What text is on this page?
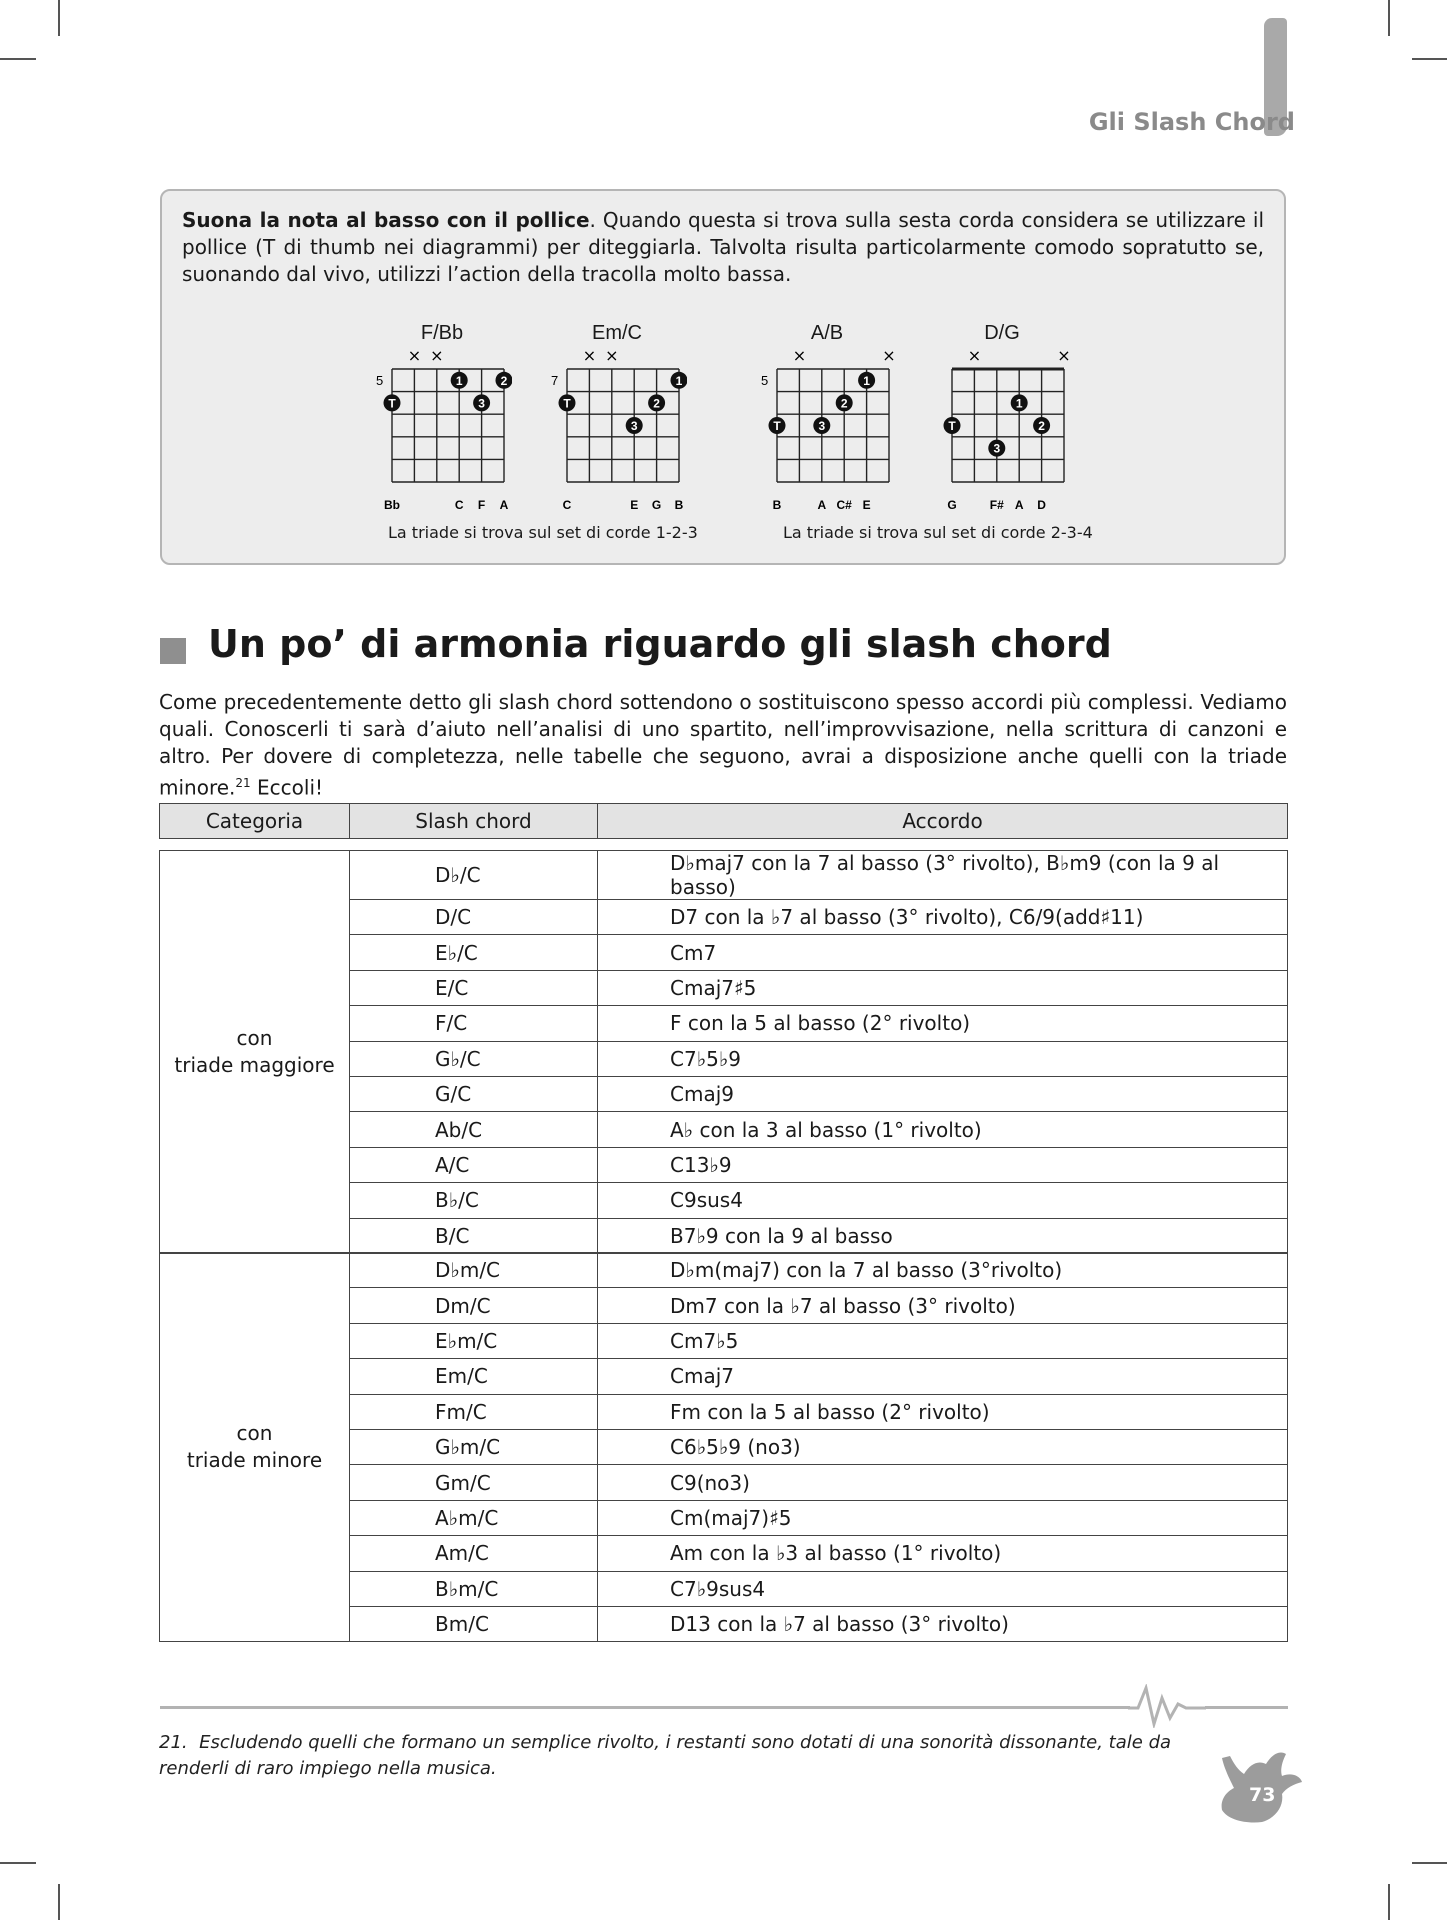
Gli Slash Chord
Suona la nota al basso con il pollice. Quando questa si trova sulla sesta corda considera se utilizzare il pollice (T di thumb nei diagrammi) per diteggiarla. Talvolta risulta particolarmente comodo sopratutto se, suonando dal vivo, utilizzi l’action della tracolla molto bassa.
F/Bb
5
× ×
T
1
3
2
Bb	C F A
Em/C
7
× ×
T	2
3
1
C	E G B
A/B
5
×	×
T	3
2
1
B	A C# E
D/G
×	×
T
3
1
2
G	F# A D
La triade si trova sul set di corde 1-2-3	La triade si trova sul set di corde 2-3-4
Un po’ di armonia riguardo gli slash chord
Come precedentemente detto gli slash chord sottendono o sostituiscono spesso accordi più complessi. Vediamo quali. Conoscerli ti sarà d’aiuto nell’analisi di uno spartito, nell’improvvisazione, nella scrittura di canzoni e altro. Per dovere di completezza, nelle tabelle che seguono, avrai a disposizione anche quelli con la triade minore.$^{21}$ Eccoli!
Categoria	Slash chord	Accordo
con
triade maggiore	D♭/C	D♭maj7 con la 7 al basso (3° rivolto), B♭m9 (con la 9 al basso)
	D/C	D7 con la ♭7 al basso (3° rivolto), C6/9(add♯11)
	E♭/C	Cm7
	E/C	Cmaj7♯5
	F/C	F con la 5 al basso (2° rivolto)
	G♭/C	C7♭5♭9
	G/C	Cmaj9
	Ab/C	A♭ con la 3 al basso (1° rivolto)
	A/C	C13♭9
	B♭/C	C9sus4
	B/C	B7♭9 con la 9 al basso
con
triade minore	D♭m/C	D♭m(maj7) con la 7 al basso (3°rivolto)
	Dm/C	Dm7 con la ♭7 al basso (3° rivolto)
	E♭m/C	Cm7♭5
	Em/C	Cmaj7
	Fm/C	Fm con la 5 al basso (2° rivolto)
	G♭m/C	C6♭5♭9 (no3)
	Gm/C	C9(no3)
	A♭m/C	Cm(maj7)♯5
	Am/C	Am con la ♭3 al basso (1° rivolto)
	B♭m/C	C7♭9sus4
	Bm/C	D13 con la ♭7 al basso (3° rivolto)
21. Escludendo quelli che formano un semplice rivolto, i restanti sono dotati di una sonorità dissonante, tale da renderli di raro impiego nella musica.
73
